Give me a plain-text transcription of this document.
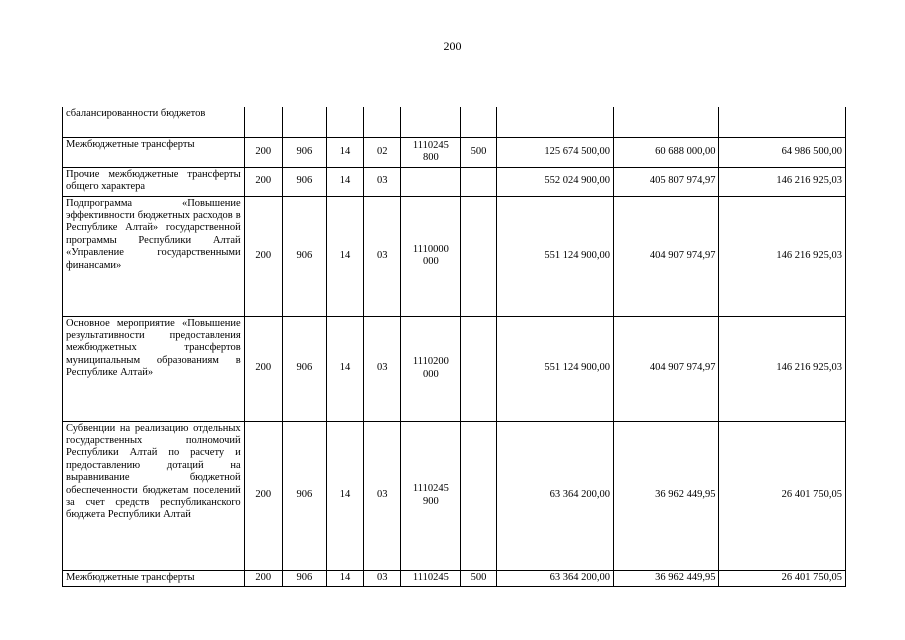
200
сбалансированности бюджетов									
Межбюджетные трансферты	200	906	14	02	1110245 800	500	125 674 500,00	60 688 000,00	64 986 500,00
Прочие межбюджетные трансферты общего характера	200	906	14	03			552 024 900,00	405 807 974,97	146 216 925,03
Подпрограмма «Повышение эффективности бюджетных расходов в Республике Алтай» государственной программы Республики Алтай «Управление государственными финансами»	200	906	14	03	1110000 000		551 124 900,00	404 907 974,97	146 216 925,03
Основное мероприятие «Повышение результативности предоставления межбюджетных трансфертов муниципальным образованиям в Республике Алтай»	200	906	14	03	1110200 000		551 124 900,00	404 907 974,97	146 216 925,03
Субвенции на реализацию отдельных государственных полномочий Республики Алтай по расчету и предоставлению дотаций на выравнивание бюджетной обеспеченности бюджетам поселений за счет средств республиканского бюджета Республики Алтай	200	906	14	03	1110245 900		63 364 200,00	36 962 449,95	26 401 750,05
Межбюджетные трансферты	200	906	14	03	1110245	500	63 364 200,00	36 962 449,95	26 401 750,05
